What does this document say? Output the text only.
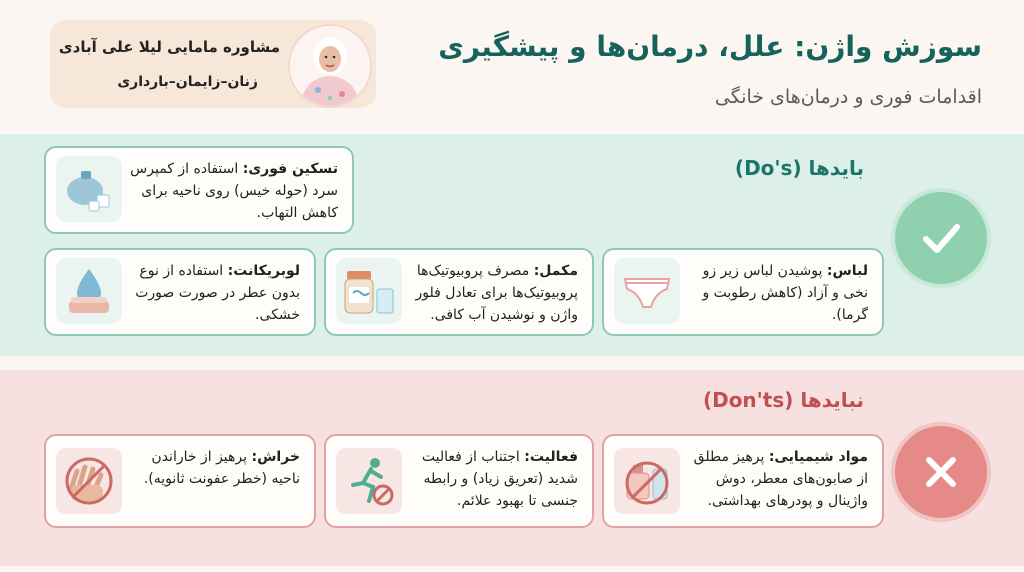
سوزش واژن: علل، درمان‌ها و پیشگیری
اقدامات فوری و درمان‌های خانگی
مشاوره مامایی لیلا علی آبادی
زنان–زایمان–بارداری
بایدها (Do's)
تسکین فوری: استفاده از کمپرس سرد (حوله خیس) روی ناحیه برای کاهش التهاب.
لباس: پوشیدن لباس زیر زو نخی و آزاد (کاهش رطوبت و گرما).
مکمل: مصرف پروبیوتیک‌ها پروبیوتیک‌ها برای تعادل فلور واژن و نوشیدن آب کافی.
لوبریکانت: استفاده از نوع بدون عطر در صورت صورت خشکی.
نبایدها (Don'ts)
مواد شیمیایی: پرهیز مطلق از صابون‌های معطر، دوش واژینال و پودرهای بهداشتی.
فعالیت: اجتناب از فعالیت شدید (تعریق زیاد) و رابطه جنسی تا بهبود علائم.
خراش: پرهیز از خاراندن ناحیه (خطر عفونت ثانویه).
